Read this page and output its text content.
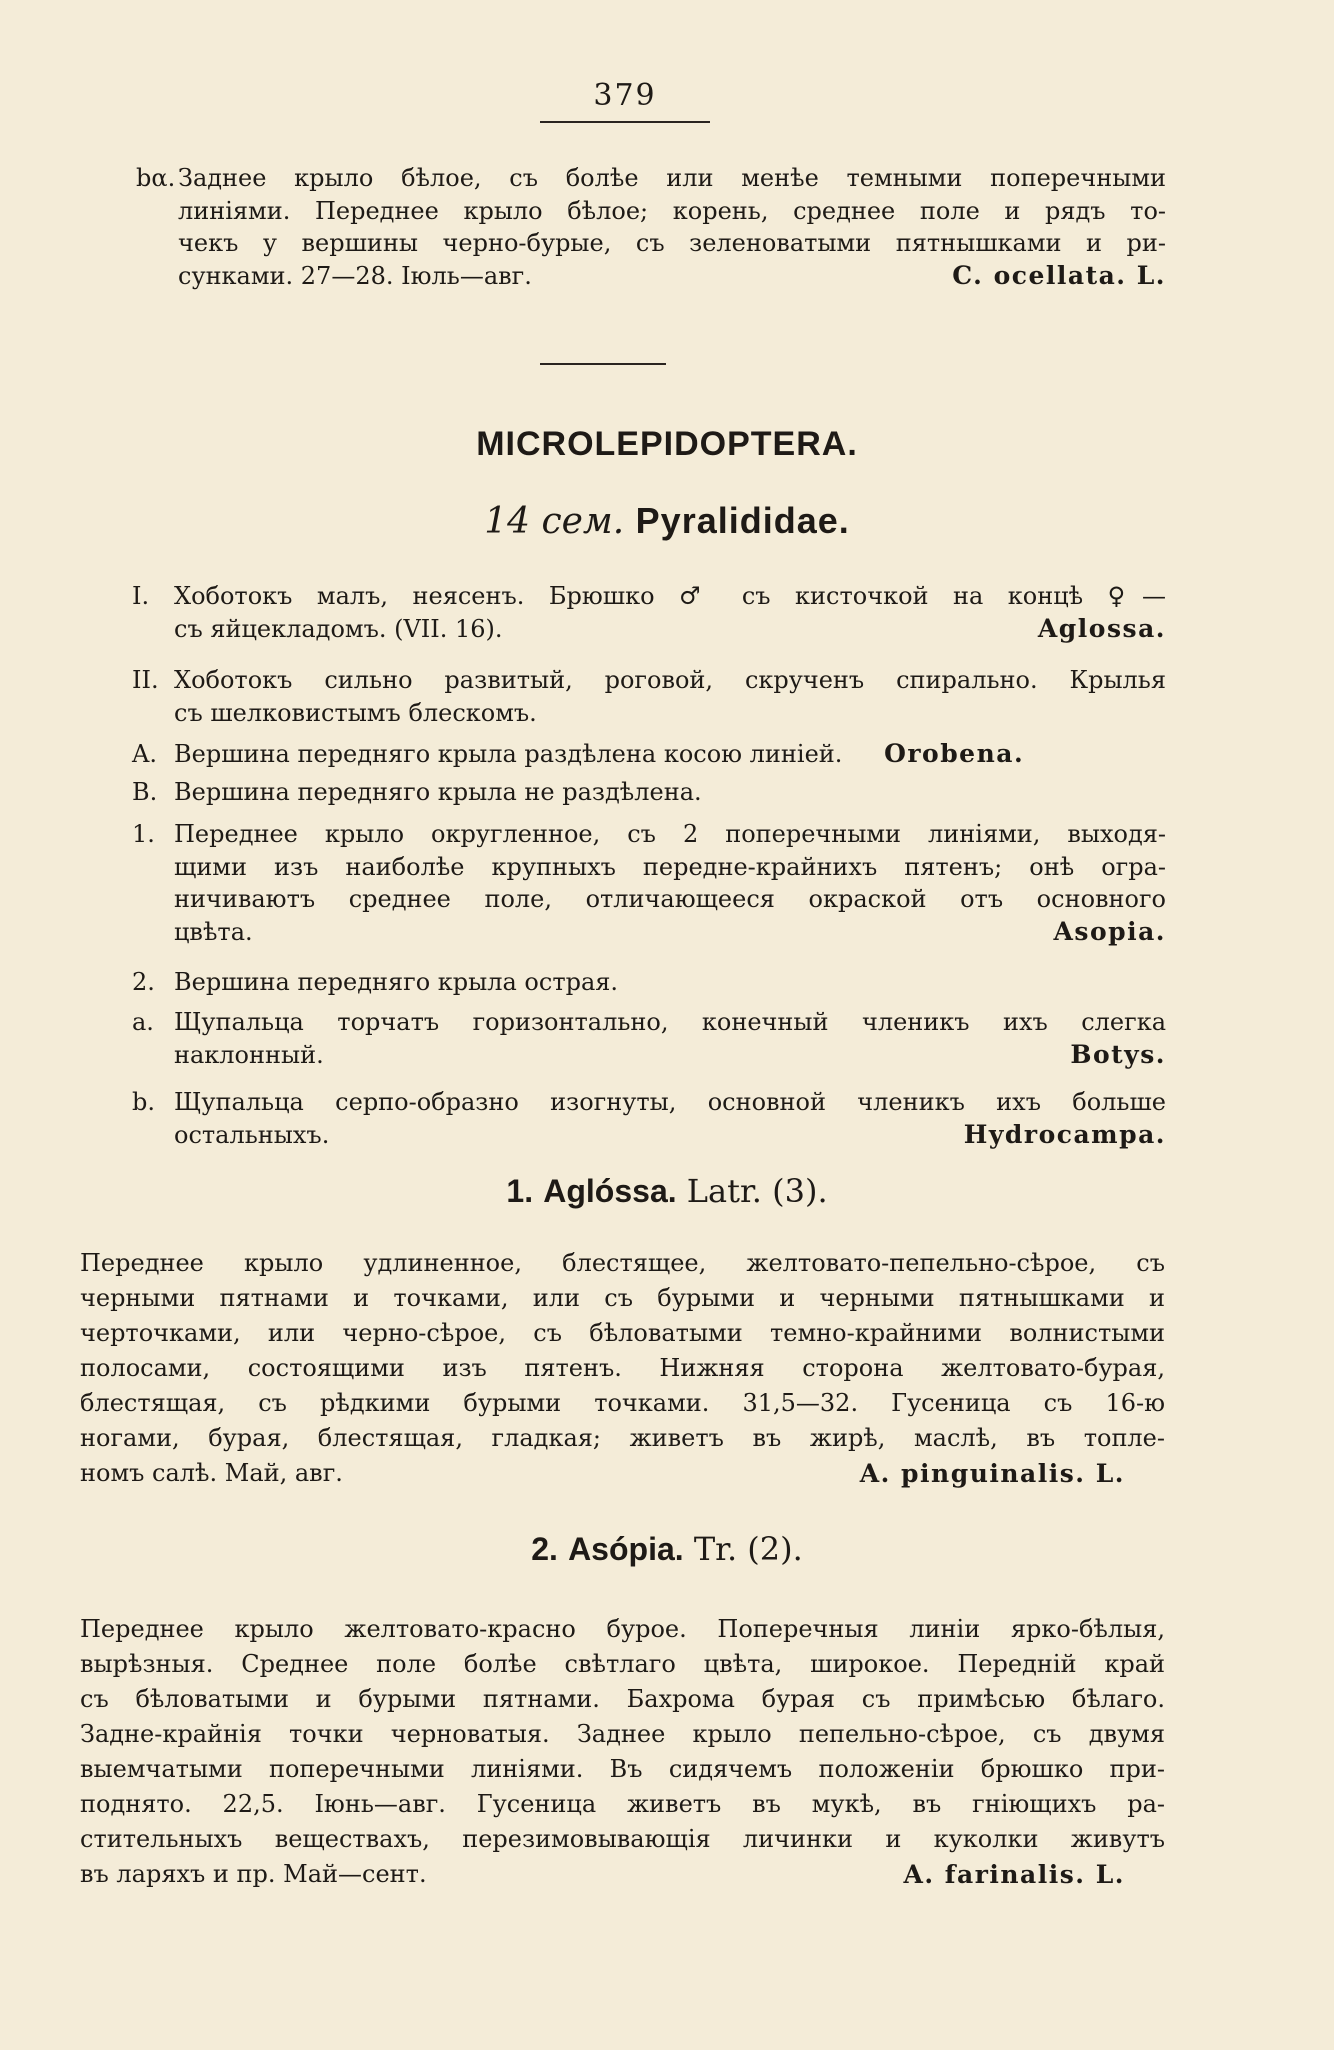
379
bα. Заднее крыло бѣлое, съ болѣе или менѣе темными поперечными
линіями. Переднее крыло бѣлое; корень, среднее поле и рядъ то-
чекъ у вершины черно-бурые, съ зеленоватыми пятнышками и ри-
сунками. 27—28. Іюль—авг.	C. ocellata. L.
MICROLEPIDOPTERA.
14 сем. Pyralididae.
I.	Хоботокъ малъ, неясенъ. Брюшко ♂ съ кисточкой на концѣ ♀—
съ яйцекладомъ. (VII. 16).	Aglossa.
II. Хоботокъ сильно развитый, роговой, скрученъ спирально. Крылья
съ шелковистымъ блескомъ.
A. Вершина передняго крыла раздѣлена косою линіей. Orobena.
B. Вершина передняго крыла не раздѣлена.
1. Переднее крыло округленное, съ 2 поперечными линіями, выходя-
щими изъ наиболѣе крупныхъ передне-крайнихъ пятенъ; онѣ огра-
ничиваютъ среднее поле, отличающееся окраской отъ основного
цвѣта.	Asopia.
2. Вершина передняго крыла острая.
a. Щупальца торчатъ горизонтально, конечный членикъ ихъ слегка
наклонный.	Botys.
b. Щупальца серпо-образно изогнуты, основной членикъ ихъ больше
остальныхъ.	Hydrocampa.
1. Aglóssa. Latr. (3).
Переднее крыло удлиненное, блестящее, желтовато-пепельно-сѣрое, съ
черными пятнами и точками, или съ бурыми и черными пятнышками и
черточками, или черно-сѣрое, съ бѣловатыми темно-крайними волнистыми
полосами, состоящими изъ пятенъ. Нижняя сторона желтовато-бурая,
блестящая, съ рѣдкими бурыми точками. 31,5—32. Гусеница съ 16-ю
ногами, бурая, блестящая, гладкая; живетъ въ жирѣ, маслѣ, въ топле-
номъ салѣ. Май, авг.	A. pinguinalis. L.
2. Asópia. Tr. (2).
Переднее крыло желтовато-красно бурое. Поперечныя линіи ярко-бѣлыя,
вырѣзныя. Среднее поле болѣе свѣтлаго цвѣта, широкое. Передній край
съ бѣловатыми и бурыми пятнами. Бахрома бурая съ примѣсью бѣлаго.
Задне-крайнія точки черноватыя. Заднее крыло пепельно-сѣрое, съ двумя
выемчатыми поперечными линіями. Въ сидячемъ положеніи брюшко при-
поднято. 22,5. Іюнь—авг. Гусеница живетъ въ мукѣ, въ гніющихъ ра-
стительныхъ веществахъ, перезимовывающія личинки и куколки живутъ
въ ларяхъ и пр. Май—сент.	A. farinalis. L.
